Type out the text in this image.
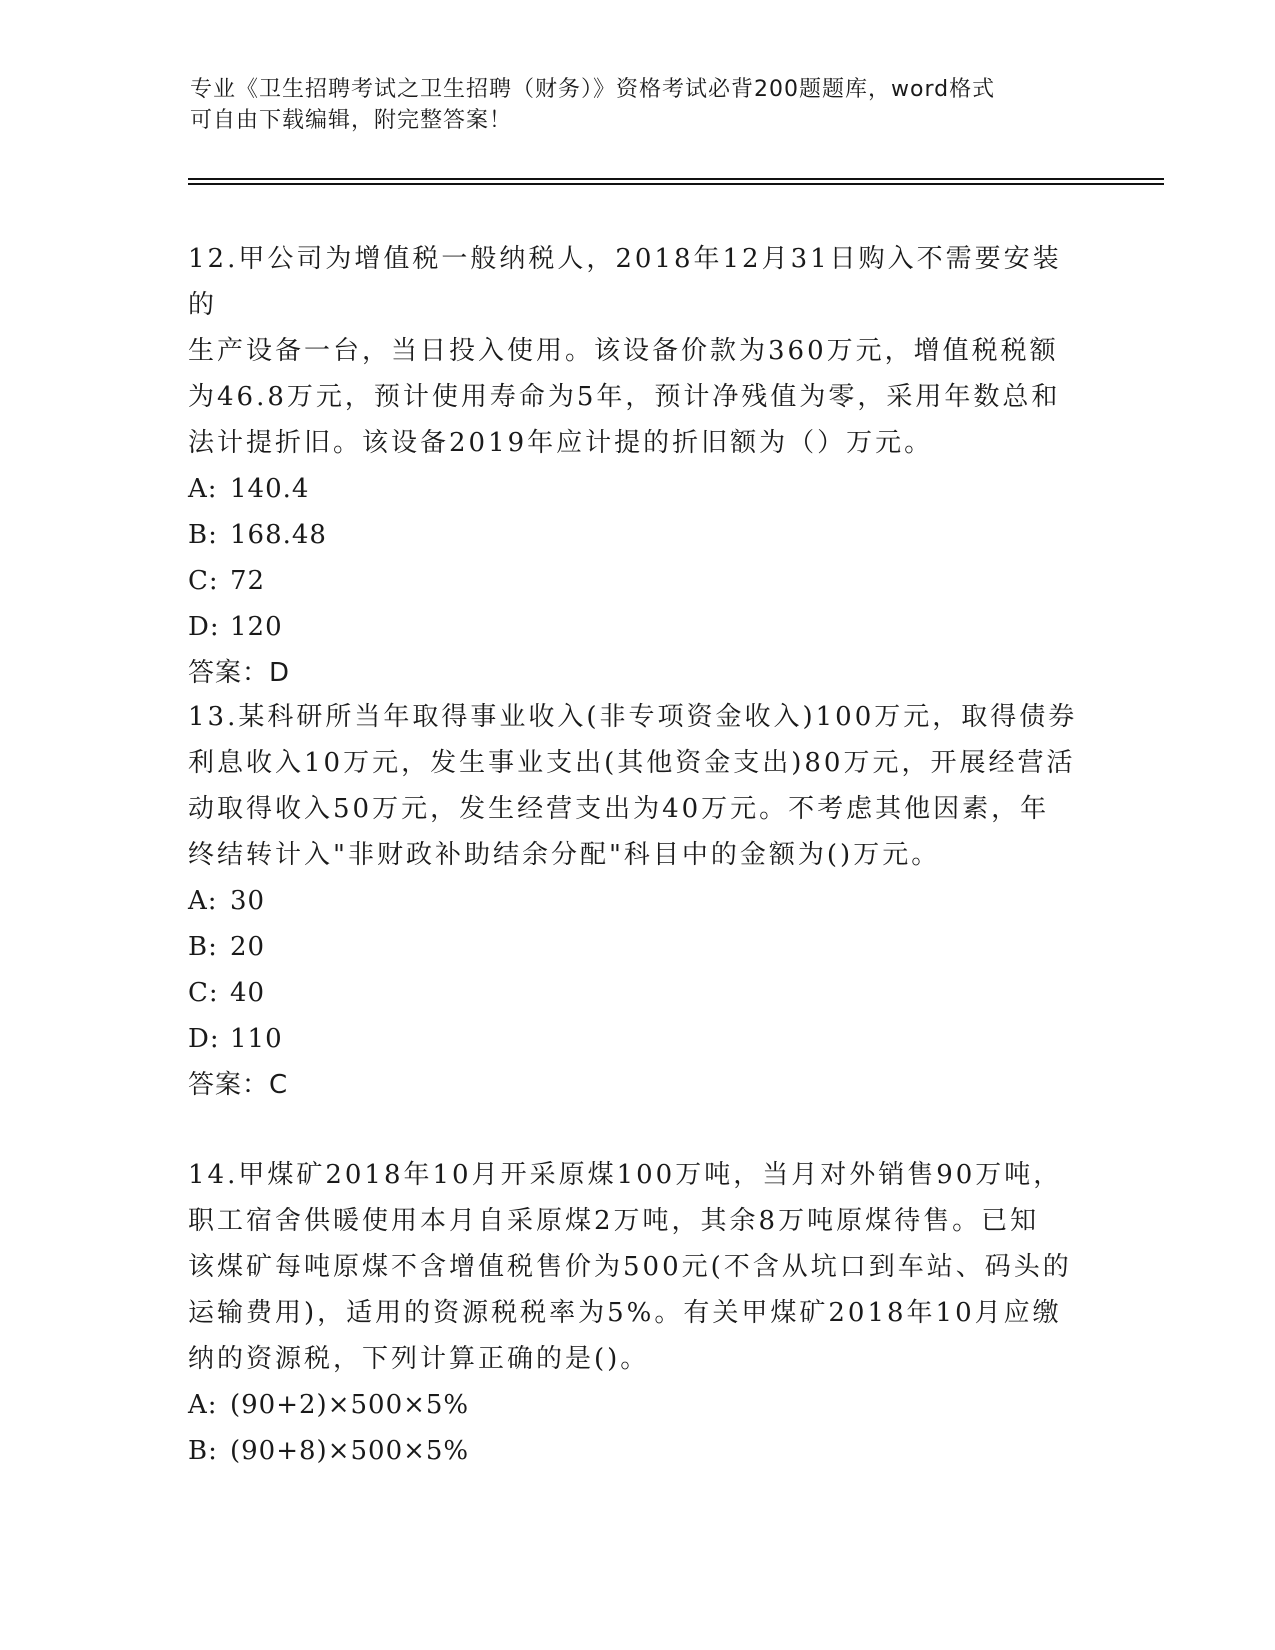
专业《卫生招聘考试之卫生招聘（财务）》资格考试必背200题题库，word格式
可自由下载编辑，附完整答案！
12.甲公司为增值税一般纳税人，2018年12月31日购入不需要安装的
生产设备一台，当日投入使用。该设备价款为360万元，增值税税额
为46.8万元，预计使用寿命为5年，预计净残值为零，采用年数总和
法计提折旧。该设备2019年应计提的折旧额为（）万元。
A: 140.4
B: 168.48
C: 72
D: 120
答案：D
13.某科研所当年取得事业收入(非专项资金收入)100万元，取得债券
利息收入10万元，发生事业支出(其他资金支出)80万元，开展经营活
动取得收入50万元，发生经营支出为40万元。不考虑其他因素，年
终结转计入"非财政补助结余分配"科目中的金额为()万元。
A: 30
B: 20
C: 40
D: 110
答案：C
14.甲煤矿2018年10月开采原煤100万吨，当月对外销售90万吨，
职工宿舍供暖使用本月自采原煤2万吨，其余8万吨原煤待售。已知
该煤矿每吨原煤不含增值税售价为500元(不含从坑口到车站、码头的
运输费用)，适用的资源税税率为5%。有关甲煤矿2018年10月应缴
纳的资源税，下列计算正确的是()。
A: (90+2)×500×5%
B: (90+8)×500×5%
